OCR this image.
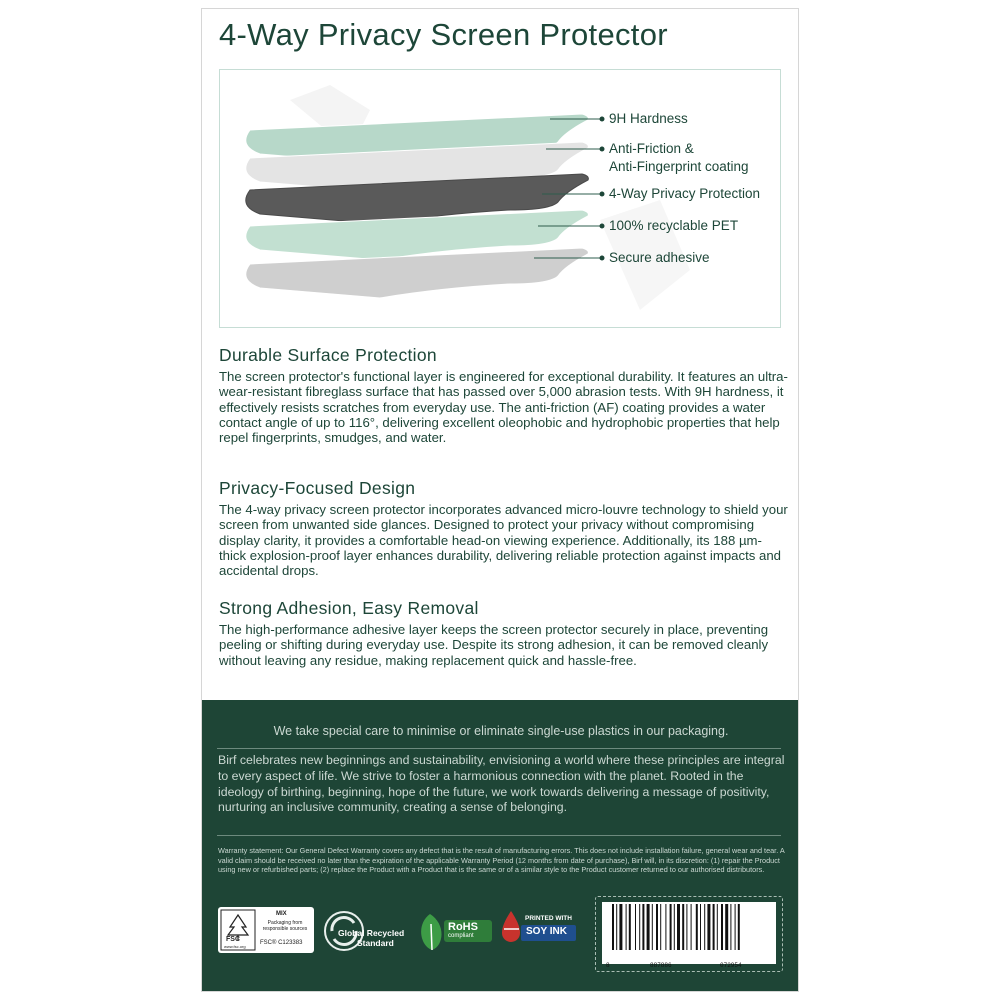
4-Way Privacy Screen Protector
9H Hardness
Anti-Friction &
Anti-Fingerprint coating
4-Way Privacy Protection
100% recyclable PET
Secure adhesive
Durable Surface Protection

The screen protector's functional layer is engineered for exceptional durability. It features an ultra-wear-resistant fibreglass surface that has passed over 5,000 abrasion tests. With 9H hardness, it effectively resists scratches from everyday use. The anti-friction (AF) coating provides a water contact angle of up to 116°, delivering excellent oleophobic and hydrophobic properties that help repel fingerprints, smudges, and water.

Privacy-Focused Design

The 4-way privacy screen protector incorporates advanced micro-louvre technology to shield your screen from unwanted side glances. Designed to protect your privacy without compromising display clarity, it provides a comfortable head-on viewing experience. Additionally, its 188 µm-thick explosion-proof layer enhances durability, delivering reliable protection against impacts and accidental drops.

Strong Adhesion, Easy Removal

The high-performance adhesive layer keeps the screen protector securely in place, preventing peeling or shifting during everyday use. Despite its strong adhesion, it can be removed cleanly without leaving any residue, making replacement quick and hassle-free.

We take special care to minimise or eliminate single-use plastics in our packaging.
Birf celebrates new beginnings and sustainability, envisioning a world where these principles are integral to every aspect of life. We strive to foster a harmonious connection with the planet. Rooted in the ideology of birthing, beginning, hope of the future, we work towards delivering a message of positivity, nurturing an inclusive community, creating a sense of belonging.
Warranty statement: Our General Defect Warranty covers any defect that is the result of manufacturing errors. This does not include installation failure, general wear and tear. A valid claim should be received no later than the expiration of the applicable Warranty Period (12 months from date of purchase), Birf will, in its discretion: (1) repair the Product using new or refurbished parts; (2) replace the Product with a Product that is the same or of a similar style to the Product customer returned to our authorised distributors.
FSC
www.fsc.org
MIX
Packaging from responsible sources
FSC® C123383
Global Recycled
Standard
RoHS
compliant
PRINTED WITH
SOY INK
8	887886	072954
